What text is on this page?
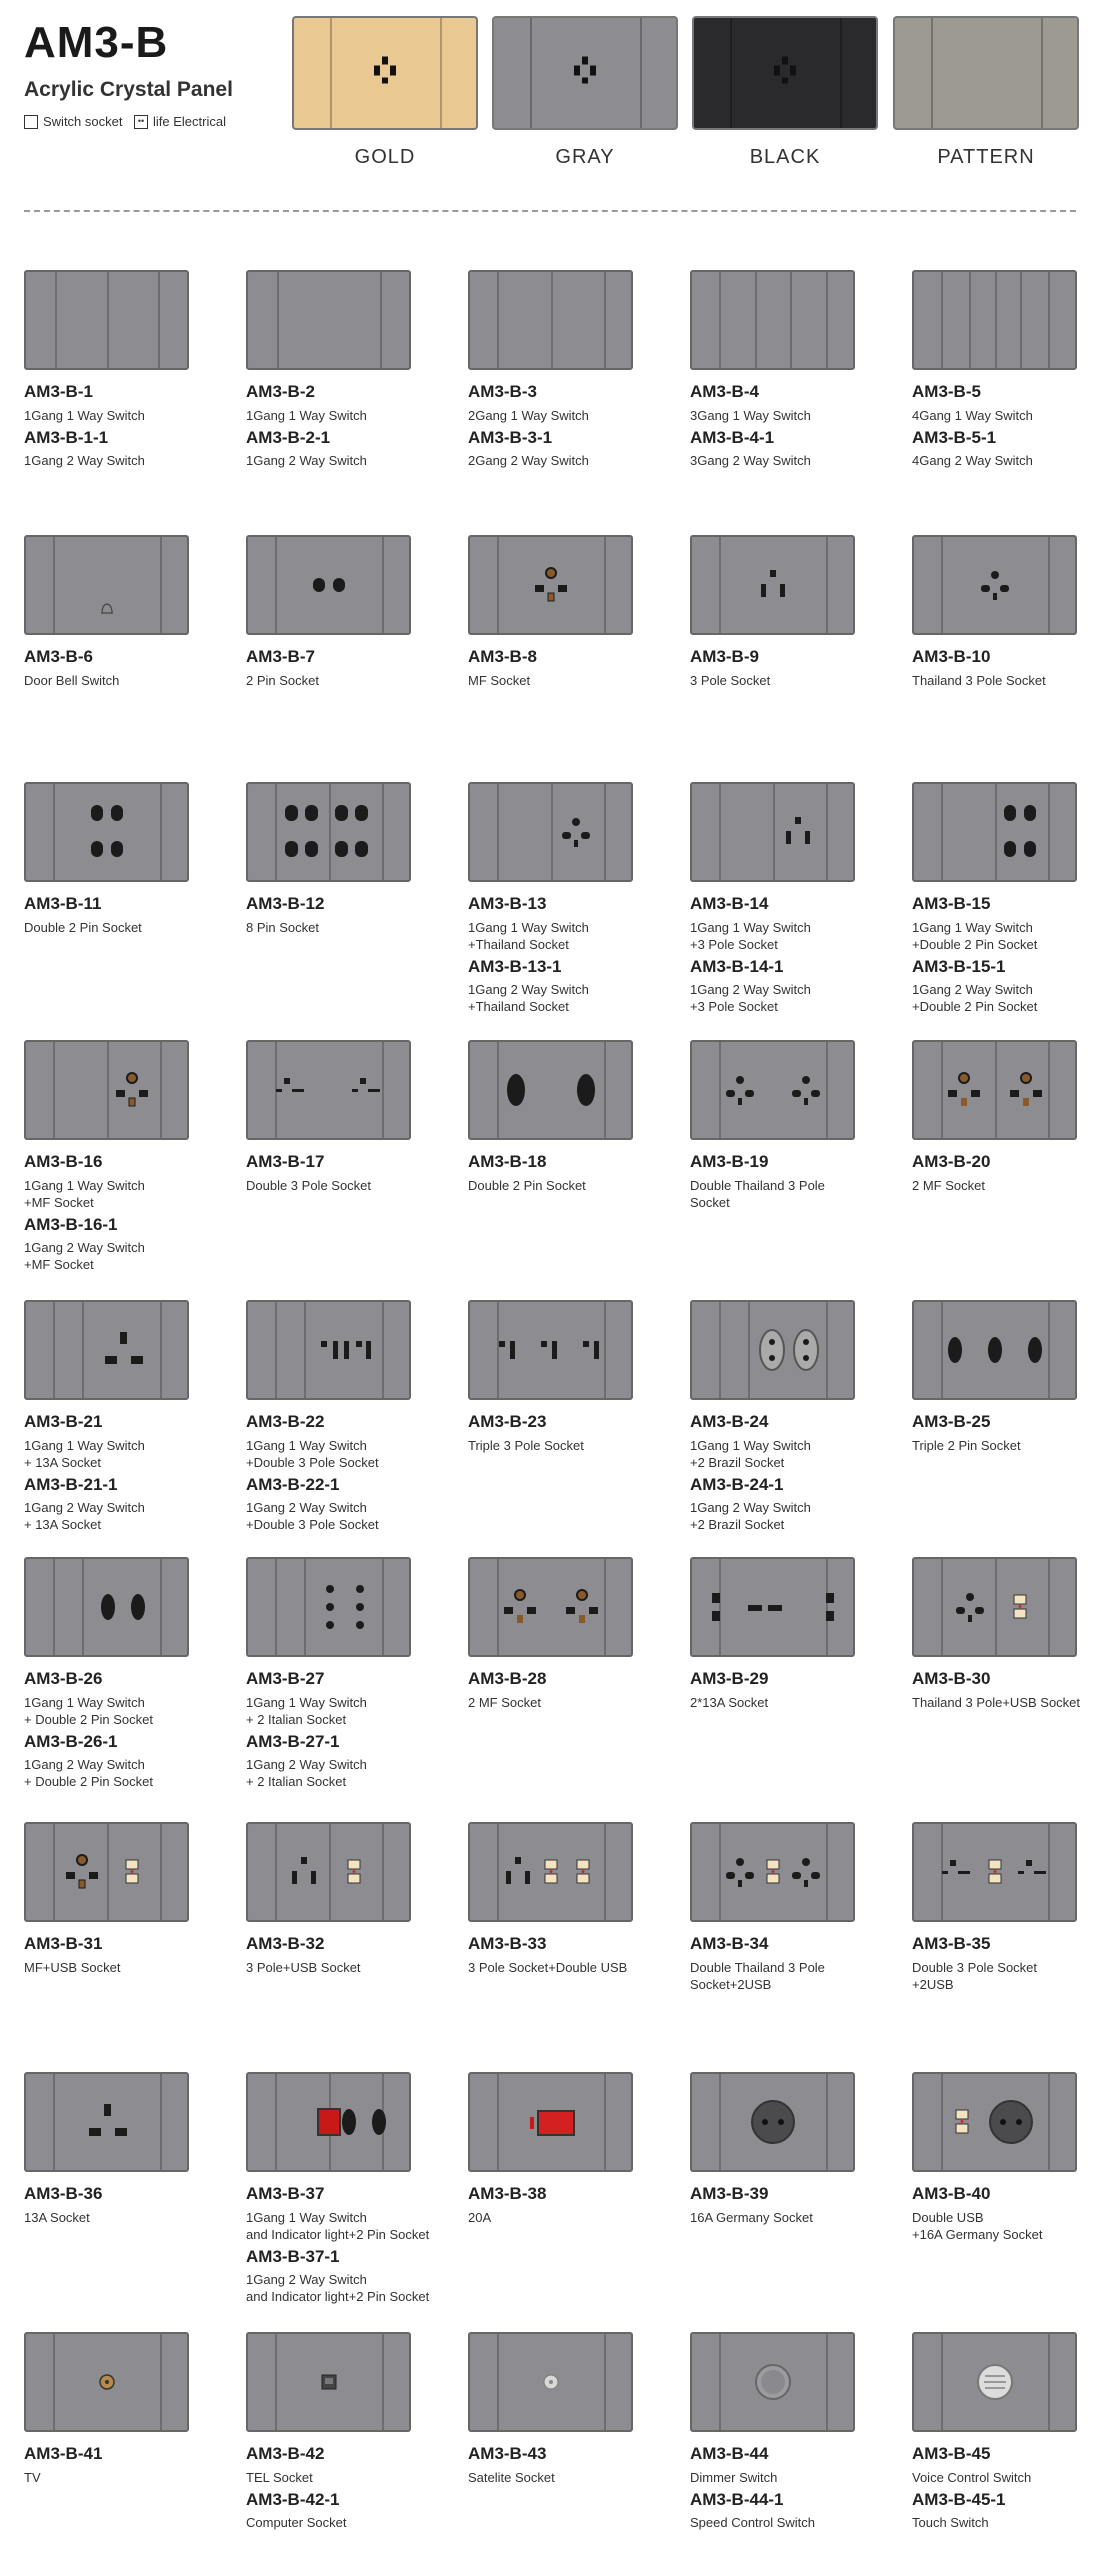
AM3-B
Acrylic Crystal Panel
Switch socket	•• life Electrical
AM3-B-1
1Gang 1 Way Switch
AM3-B-1-1
1Gang 2 Way Switch
AM3-B-2
1Gang 1 Way Switch
AM3-B-2-1
1Gang 2 Way Switch
AM3-B-3
2Gang 1 Way Switch
AM3-B-3-1
2Gang 2 Way Switch
AM3-B-4
3Gang 1 Way Switch
AM3-B-4-1
3Gang 2 Way Switch
AM3-B-5
4Gang 1 Way Switch
AM3-B-5-1
4Gang 2 Way Switch
AM3-B-6
Door Bell Switch
AM3-B-7
2 Pin Socket
AM3-B-8
MF Socket
AM3-B-9
3 Pole Socket
AM3-B-10
Thailand 3 Pole Socket
AM3-B-11
Double 2 Pin Socket
AM3-B-12
8 Pin Socket
AM3-B-13
1Gang 1 Way Switch
+Thailand Socket
AM3-B-13-1
1Gang 2 Way Switch
+Thailand Socket
AM3-B-14
1Gang 1 Way Switch
+3 Pole Socket
AM3-B-14-1
1Gang 2 Way Switch
+3 Pole Socket
AM3-B-15
1Gang 1 Way Switch
+Double 2 Pin Socket
AM3-B-15-1
1Gang 2 Way Switch
+Double 2 Pin Socket
AM3-B-16
1Gang 1 Way Switch
+MF Socket
AM3-B-16-1
1Gang 2 Way Switch
+MF Socket
AM3-B-17
Double 3 Pole Socket
AM3-B-18
Double 2 Pin Socket
AM3-B-19
Double Thailand 3 Pole
Socket
AM3-B-20
2 MF Socket
AM3-B-21
1Gang 1 Way Switch
+ 13A Socket
AM3-B-21-1
1Gang 2 Way Switch
+ 13A Socket
AM3-B-22
1Gang 1 Way Switch
+Double 3 Pole Socket
AM3-B-22-1
1Gang 2 Way Switch
+Double 3 Pole Socket
AM3-B-23
Triple 3 Pole Socket
AM3-B-24
1Gang 1 Way Switch
+2 Brazil Socket
AM3-B-24-1
1Gang 2 Way Switch
+2 Brazil Socket
AM3-B-25
Triple 2 Pin Socket
AM3-B-26
1Gang 1 Way Switch
+ Double 2 Pin Socket
AM3-B-26-1
1Gang 2 Way Switch
+ Double 2 Pin Socket
AM3-B-27
1Gang 1 Way Switch
+ 2 Italian Socket
AM3-B-27-1
1Gang 2 Way Switch
+ 2 Italian Socket
AM3-B-28
2 MF Socket
AM3-B-29
2*13A Socket
AM3-B-30
Thailand 3 Pole+USB Socket
AM3-B-31
MF+USB Socket
AM3-B-32
3 Pole+USB Socket
AM3-B-33
3 Pole Socket+Double USB
AM3-B-34
Double Thailand 3 Pole
Socket+2USB
AM3-B-35
Double 3 Pole Socket
+2USB
AM3-B-36
13A Socket
AM3-B-37
1Gang 1 Way Switch
and Indicator light+2 Pin Socket
AM3-B-37-1
1Gang 2 Way Switch
and Indicator light+2 Pin Socket
AM3-B-38
20A
AM3-B-39
16A Germany Socket
AM3-B-40
Double USB
+16A Germany Socket
AM3-B-41
TV
AM3-B-42
TEL Socket
AM3-B-42-1
Computer Socket
AM3-B-43
Satelite Socket
AM3-B-44
Dimmer Switch
AM3-B-44-1
Speed Control Switch
AM3-B-45
Voice Control Switch
AM3-B-45-1
Touch Switch
GOLD	GRAY	BLACK	PATTERN
